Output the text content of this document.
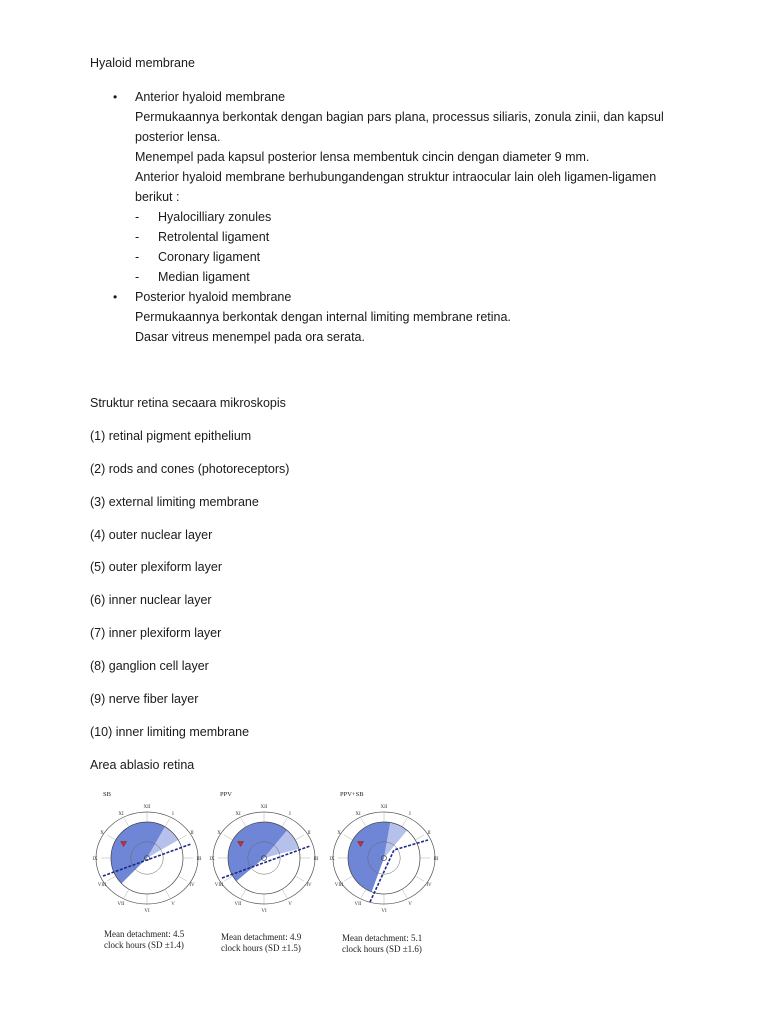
Hyaloid membrane
• Anterior hyaloid membrane
Permukaannya berkontak dengan bagian pars plana, processus siliaris, zonula zinii, dan kapsul
posterior lensa.
Menempel pada kapsul posterior lensa membentuk cincin dengan diameter 9 mm.
Anterior hyaloid membrane berhubungandengan struktur intraocular lain oleh ligamen-ligamen
berikut :
- Hyalocilliary zonules
- Retrolental ligament
- Coronary ligament
- Median ligament
• Posterior hyaloid membrane
Permukaannya berkontak dengan internal limiting membrane retina.
Dasar vitreus menempel pada ora serata.
Struktur retina secaara mikroskopis
(1) retinal pigment epithelium
(2) rods and cones (photoreceptors)
(3) external limiting membrane
(4) outer nuclear layer
(5) outer plexiform layer
(6) inner nuclear layer
(7) inner plexiform layer
(8) ganglion cell layer
(9) nerve fiber layer
(10) inner limiting membrane
Area ablasio retina
SB
XII
I
II
III
IV
V
VI
VII
VIII
IX
X
XI
PPV
XII
I
II
III
IV
V
VI
VII
VIII
IX
X
XI
PPV+SB
XII
I
II
III
IV
V
VI
VII
VIII
IX
X
XI
Mean detachment: 4.5
clock hours (SD ±1.4)
Mean detachment: 4.9
clock hours (SD ±1.5)
Mean detachment: 5.1
clock hours (SD ±1.6)
